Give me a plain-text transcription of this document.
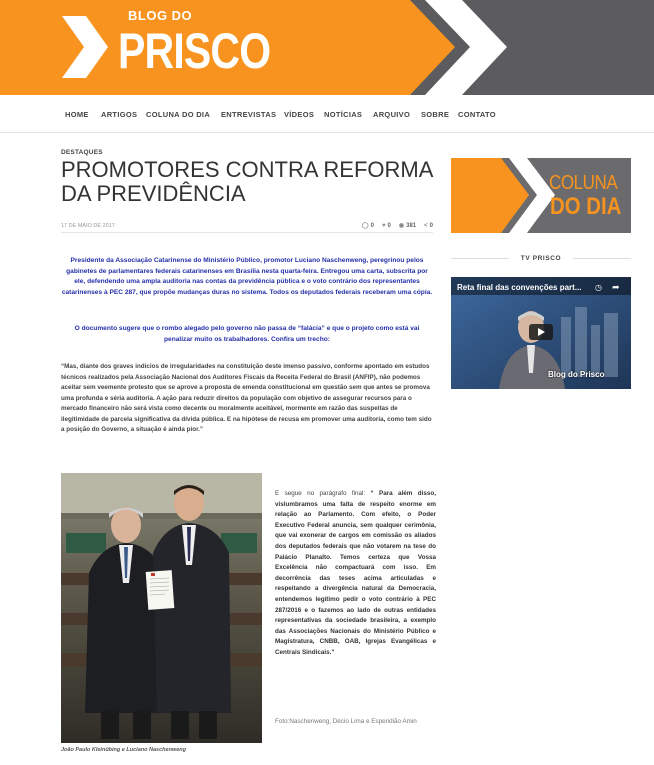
BLOG DO
PRISCO
HOME ARTIGOS COLUNA DO DIA ENTREVISTAS VÍDEOS NOTÍCIAS ARQUIVO SOBRE CONTATO
DESTAQUES
PROMOTORES CONTRA REFORMA DA PREVIDÊNCIA
17 DE MAIO DE 2017	◯ 0 ♥ 0 ◉ 381 < 0

Presidente da Associação Catarinense do Ministério Público, promotor Luciano Naschenweng, peregrinou pelos gabinetes de parlamentares federais catarinenses em Brasília nesta quarta-feira. Entregou uma carta, subscrita por ele, defendendo uma ampla auditoria nas contas da previdência pública e o voto contrário dos representantes catarinenses à PEC 287, que propõe mudanças duras no sistema. Todos os deputados federais receberam uma cópia.

O documento sugere que o rombo alegado pelo governo não passa de “falácia” e que o projeto como está vai penalizar muito os trabalhadores. Confira um trecho:

“Mas, diante dos graves indícios de irregularidades na constituição deste imenso passivo, conforme apontado em estudos técnicos realizados pela Associação Nacional dos Auditores Fiscais da Receita Federal do Brasil (ANFIP), não podemos aceitar sem veemente protesto que se aprove a proposta de emenda constitucional em questão sem que antes se promova uma profunda e séria auditoria. A ação para reduzir direitos da população com objetivo de assegurar recursos para o mercado financeiro não será vista como decente ou moralmente aceitável, mormente em razão das suspeitas de ilegitimidade de parcela significativa da dívida pública. E na hipótese de recusa em promover uma auditoria, como tem sido a posição do Governo, a situação é ainda pior.”

João Paulo Kleinübing e Luciano Naschenweng

E segue no parágrafo final: “ Para além disso, vislumbramos uma falta de respeito enorme em relação ao Parlamento. Com efeito, o Poder Executivo Federal anuncia, sem qualquer cerimônia, que vai exonerar de cargos em comissão os aliados dos deputados federais que não votarem na tese do Palácio Planalto. Temos certeza que Vossa Excelência não compactuará com isso. Em decorrência das teses acima articuladas e respeitando a divergência natural da Democracia, entendemos legítimo pedir o voto contrário à PEC 287/2016 e o fazemos ao lado de outras entidades representativas da sociedade brasileira, a exemplo das Associações Nacionais do Ministério Público e Magistratura, CNBB, OAB, Igrejas Evangélicas e Centrais Sindicais.”

Foto:Naschenweng, Décio Lima e Esperidião Amin

COLUNA
DO DIA
TV PRISCO
Reta final das convenções part...	◷ ➦
Blog do Prisco
